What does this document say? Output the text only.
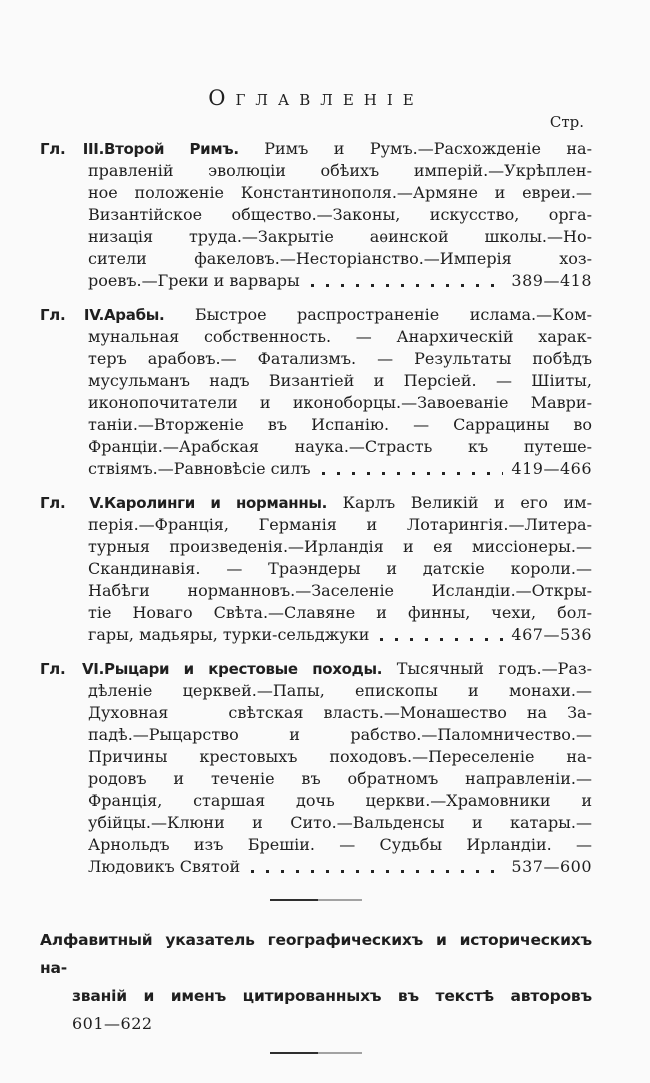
ОГЛАВЛЕНІЕ
Стр.
Гл. III.Второй Римъ. Римъ и Румъ.—Расхожденіе на-
правленій эволюціи обѣихъ имперій.—Укрѣплен-
ное положеніе Константинополя.—Армяне и евреи.—
Византійское общество.—Законы, искусство, орга-
низація труда.—Закрытіе аѳинской школы.—Но-
сители факеловъ.—Несторіанство.—Имперія хоз-
роевъ.—Греки и варвары	389—418
Гл. IV.Арабы. Быстрое распространеніе ислама.—Ком-
мунальная собственность. — Анархическій харак-
теръ арабовъ.— Фатализмъ. — Результаты побѣдъ
мусульманъ надъ Византіей и Персіей. — Шіиты,
иконопочитатели и иконоборцы.—Завоеваніе Маври-
таніи.—Вторженіе въ Испанію. — Саррацины во
Франціи.—Арабская наука.—Страсть къ путеше-
ствіямъ.—Равновѣсіе силъ	419—466
Гл. V.Каролинги и норманны. Карлъ Великій и его им-
перія.—Франція, Германія и Лотарингія.—Литера-
турныя произведенія.—Ирландія и ея миссіонеры.—
Скандинавія. — Траэндеры и датскіе короли.—
Набѣги норманновъ.—Заселеніе Исландіи.—Откры-
тіе Новаго Свѣта.—Славяне и финны, чехи, бол-
гары, мадьяры, турки-сельджуки	467—536
Гл. VI.Рыцари и крестовые походы. Тысячный годъ.—Раз-
дѣленіе церквей.—Папы, епископы и монахи.—
Духовная   свѣтская власть.—Монашество на За-
падѣ.—Рыцарство и рабство.—Паломничество.—
Причины крестовыхъ походовъ.—Переселеніе на-
родовъ и теченіе въ обратномъ направленіи.—
Франція, старшая дочь церкви.—Храмовники и
убійцы.—Клюни и Сито.—Вальденсы и катары.—
Арнольдъ изъ Брешіи. — Судьбы Ирландіи. —
Людовикъ Святой	537—600
Алфавитный указатель географическихъ и историческихъ на-
званій и именъ цитированныхъ въ текстѣ авторовъ 601—622
